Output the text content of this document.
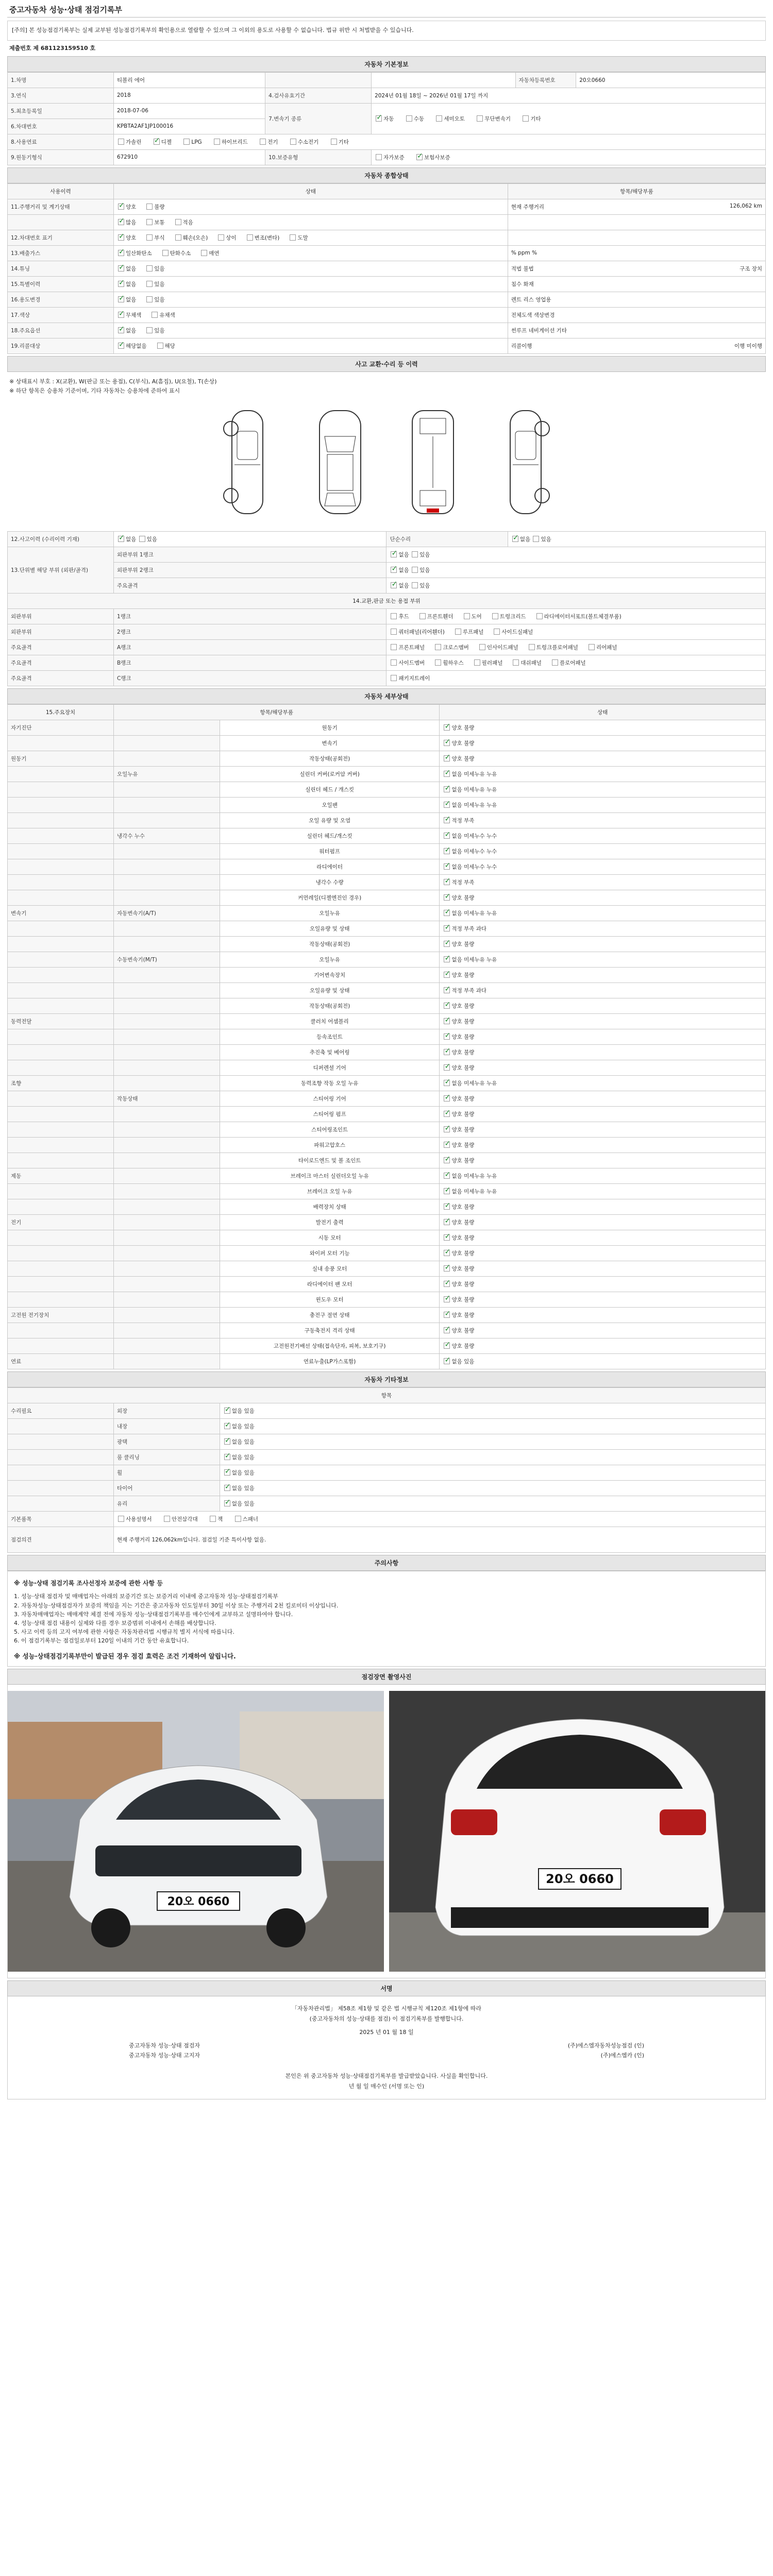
중고자동차 성능·상태 점검기록부
[주의] 본 성능점검기록부는 실제 교부된 성능점검기록부의 확인용으로 열람할 수 있으며 그 이외의 용도로 사용할 수 없습니다. 법규 위반 시 처벌받을 수 있습니다.
제출번호 제 681123159510 호
자동차 기본정보
1.차명	티볼리 에어			자동차등록번호	20오0660
3.연식	2018	4.검사유효기간	2024년 01월 18일 ~ 2026년 01월 17일 까지		
5.최초등록일	2018-07-06	7.변속기 종류	✓자동 수동 세미오토 무단변속기 기타
6.차대번호	KPBTA2AF1JP100016				
8.사용연료	가솔린 ✓ 디젤 LPG 하이브리드 전기 수소전기 기타
9.원동기형식	672910	10.보증유형	자가보증 ✓ 보험사보증
자동차 종합상태
사용이력	상태	항목/해당부품
11.주행거리 및 계기상태	✓양호 불량	현재 주행거리 126,062 km

	✓많음 보통 적음	

12.차대번호 표기	✓양호 부식 훼손(오손) 상이 변조(변타) 도말	

13.배출가스	✓일산화탄소 탄화수소 매연	% ppm %

14.튜닝	✓없음 있음	적법 불법 구조 장치

15.특별이력	✓없음 있음	침수 화재

16.용도변경	✓없음 있음	렌트 리스 영업용

17.색상	✓무채색 유채색	전체도색 색상변경

18.주요옵션	✓없음 있음	썬루프 네비게이션 기타

19.리콜대상	✓해당없음 해당	리콜이행 이행 미이행
사고 교환·수리 등 이력
※ 상태표시 부호 : X(교환), W(판금 또는 용접), C(부식), A(흠집), U(요철), T(손상)
※ 하단 항목은 승용차 기준이며, 기타 자동차는 승용차에 준하여 표시
12.사고이력 (수리이력 기재)	✓없음 있음	단순수리	✓없음 있음
13.단위별 해당 부위 (외판/골격)	외판부위 1랭크	✓없음 있음
	외판부위 2랭크	✓없음 있음
	주요골격	✓없음 있음
14.교환,판금 또는 용접 부위			
외판부위	1랭크	후드 프론트휀더 도어 트렁크리드 라디에이터서포트(볼트체결부품)	
외판부위	2랭크	쿼터패널(리어휀더) 루프패널 사이드실패널	
주요골격	A랭크	프론트패널 크로스멤버 인사이드패널 트렁크플로어패널 리어패널	
주요골격	B랭크	사이드멤버 휠하우스 필러패널 대쉬패널 플로어패널	
주요골격	C랭크	패키지트레이	
자동차 세부상태
15.주요장치	항목/해당부품		상태
자기진단		원동기	✓양호 불량
		변속기	✓양호 불량
원동기		작동상태(공회전)	✓양호 불량
	오일누유	실린더 커버(로커암 커버)	✓없음 미세누유 누유
		실린더 헤드 / 개스킷	✓없음 미세누유 누유
		오일팬	✓없음 미세누유 누유
		오일 유량 및 오염	✓적정 부족
	냉각수 누수	실린더 헤드/개스킷	✓없음 미세누수 누수
		워터펌프	✓없음 미세누수 누수
		라디에이터	✓없음 미세누수 누수
		냉각수 수량	✓적정 부족
		커먼레일(디젤엔진인 경우)	✓양호 불량
변속기	자동변속기(A/T)	오일누유	✓없음 미세누유 누유
		오일유량 및 상태	✓적정 부족 과다
		작동상태(공회전)	✓양호 불량
	수동변속기(M/T)	오일누유	✓없음 미세누유 누유
		기어변속장치	✓양호 불량
		오일유량 및 상태	✓적정 부족 과다
		작동상태(공회전)	✓양호 불량
동력전달		클러치 어셈블리	✓양호 불량
		등속조인트	✓양호 불량
		추진축 및 베어링	✓양호 불량
		디퍼렌셜 기어	✓양호 불량
조향		동력조향 작동 오일 누유	✓없음 미세누유 누유
	작동상태	스티어링 기어	✓양호 불량
		스티어링 펌프	✓양호 불량
		스티어링조인트	✓양호 불량
		파워고압호스	✓양호 불량
		타이로드엔드 및 볼 조인트	✓양호 불량
제동		브레이크 마스터 실린더오일 누유	✓없음 미세누유 누유
		브레이크 오일 누유	✓없음 미세누유 누유
		배력장치 상태	✓양호 불량
전기		발전기 출력	✓양호 불량
		시동 모터	✓양호 불량
		와이퍼 모터 기능	✓양호 불량
		실내 송풍 모터	✓양호 불량
		라디에이터 팬 모터	✓양호 불량
		윈도우 모터	✓양호 불량
고전원 전기장치		충전구 절연 상태	✓양호 불량
		구동축전지 격리 상태	✓양호 불량
		고전원전기배선 상태(접속단자, 피복, 보호기구)	✓양호 불량
연료		연료누출(LP가스포함)	✓없음 있음
자동차 기타정보
항목		
수리필요	외장	✓없음 있음
	내장	✓없음 있음
	광택	✓없음 있음
	룸 클리닝	✓없음 있음
	휠	✓없음 있음
	타이어	✓없음 있음
	유리	✓없음 있음
기본품목	사용설명서 안전삼각대 잭 스패너	
점검의견	현재 주행거리 126,062km입니다. 점검일 기준 특이사항 없음.	
주의사항
※ 성능·상태 점검기록 조사선정자 보증에 관한 사항 등
1. 성능·상태 점검자 및 매매업자는 아래의 보증기간 또는 보증거리 이내에 중고자동차 성능·상태점검기록부
2. 자동차성능·상태점검자가 보증의 책임을 지는 기간은 중고자동차 인도일부터 30일 이상 또는 주행거리 2천 킬로미터 이상입니다.
3. 자동차매매업자는 매매계약 체결 전에 자동차 성능·상태점검기록부를 매수인에게 교부하고 설명하여야 합니다.
4. 성능·상태 점검 내용이 실제와 다를 경우 보증범위 이내에서 손해를 배상합니다.
5. 사고 이력 등의 고지 여부에 관한 사항은 자동차관리법 시행규칙 별지 서식에 따릅니다.
6. 이 점검기록부는 점검일로부터 120일 이내의 기간 동안 유효합니다.
※ 성능·상태점검기록부만이 발급된 경우 점검 효력은 조건 기재하여 알립니다.
점검장면 촬영사진
20오 0660
20오 0660
서명
「자동차관리법」 제58조 제1항 및 같은 법 시행규칙 제120조 제1항에 따라
(중고자동차의 성능·상태를 점검) 이 점검기록부를 발행합니다.
2025 년 01 월 18 일
중고자동차 성능·상태 점검자	(주)에스엠자동차성능점검 (인)
중고자동차 성능·상태 고지자	(주)에스엠카 (인)
본인은 위 중고자동차 성능·상태점검기록부를 발급받았습니다. 사실을 확인합니다.
년 월 일 매수인 (서명 또는 인)
